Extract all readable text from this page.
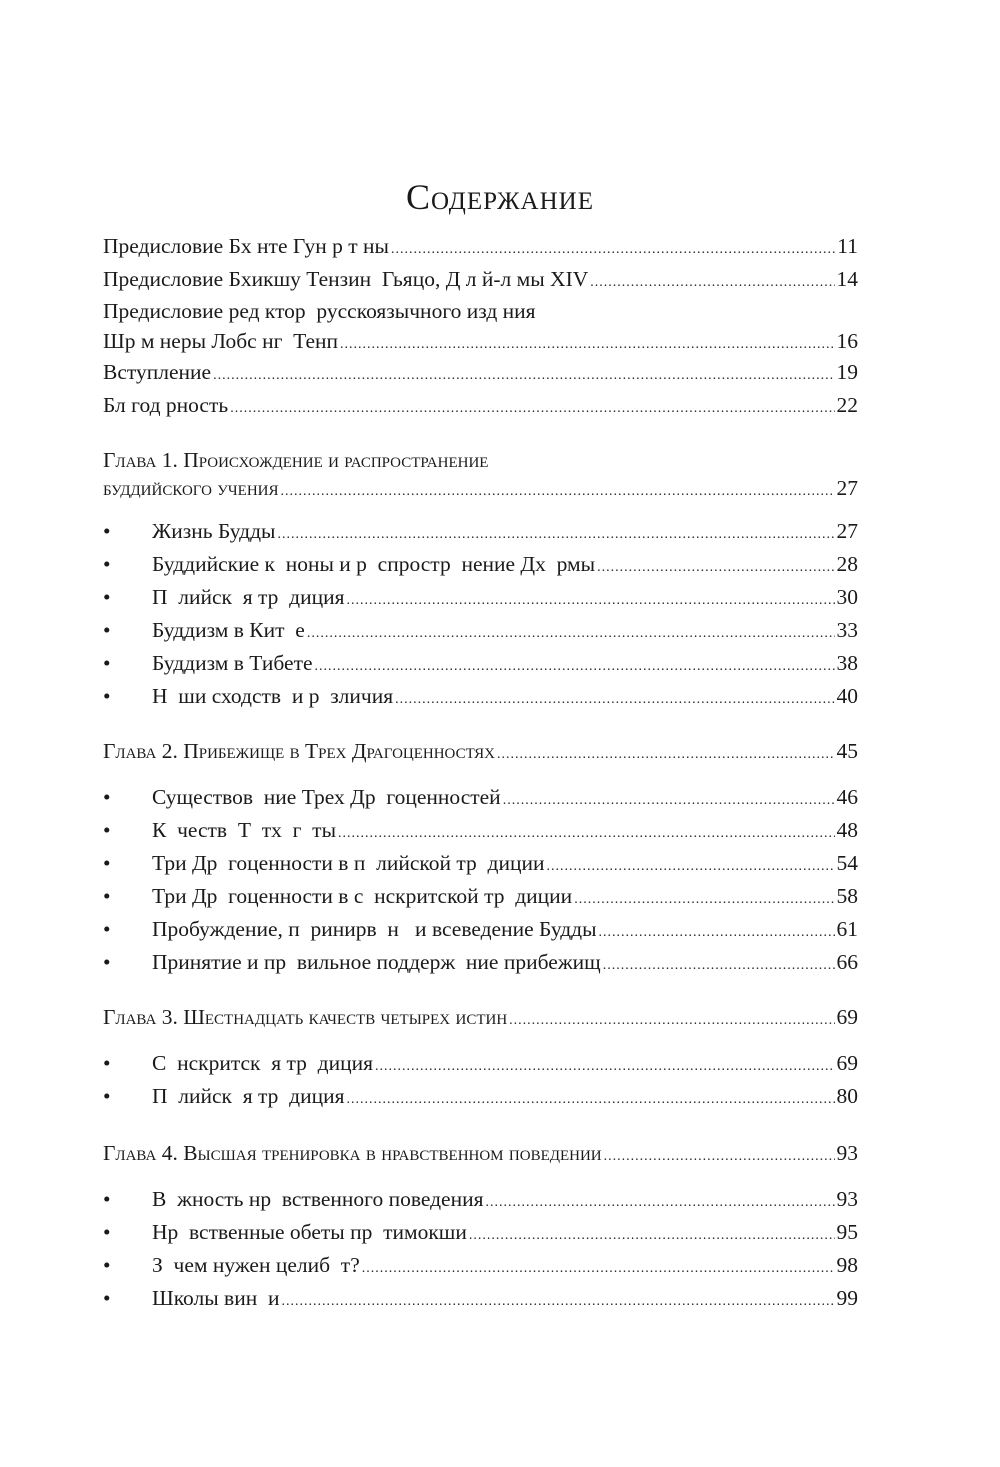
Содержание
Предисловие Бх нте Гун р т ны .....	11
Предисловие Бхикшу Тензин  Гьяцо, Д л й-л мы XIV .....	14
Предисловие ред ктор  русскоязычного изд ния
Шр м неры Лобс нг  Тенп .....	16
Вступление .....	19
Бл год рность .....	22
Глава 1. Происхождение и распространение
буддийского учения .....	27
• Жизнь Будды .....	27
• Буддийские к  ноны и р  спростр  нение Дх  рмы .....	28
• П  лийск  я тр  диция .....	30
• Буддизм в Кит  е .....	33
• Буддизм в Тибете .....	38
• Н  ши сходств  и р  зличия .....	40
Глава 2. Прибежище в Трех Драгоценностях .....	45
• Существов  ние Трех Др  гоценностей .....	46
• К  честв  Т  тх  г  ты .....	48
• Три Др  гоценности в п  лийской тр  диции .....	54
• Три Др  гоценности в с  нскритской тр  диции .....	58
• Пробуждение, п  ринирв  н   и всеведение Будды .....	61
• Принятие и пр  вильное поддерж  ние прибежищ .....	66
Глава 3. Шестнадцать качеств четырех истин .....	69
• С  нскритск  я тр  диция .....	69
• П  лийск  я тр  диция .....	80
Глава 4. Высшая тренировка в нравственном поведении .....	93
• В  жность нр  вственного поведения .....	93
• Нр  вственные обеты пр  тимокши .....	95
• З  чем нужен целиб  т? .....	98
• Школы вин  и .....	99
